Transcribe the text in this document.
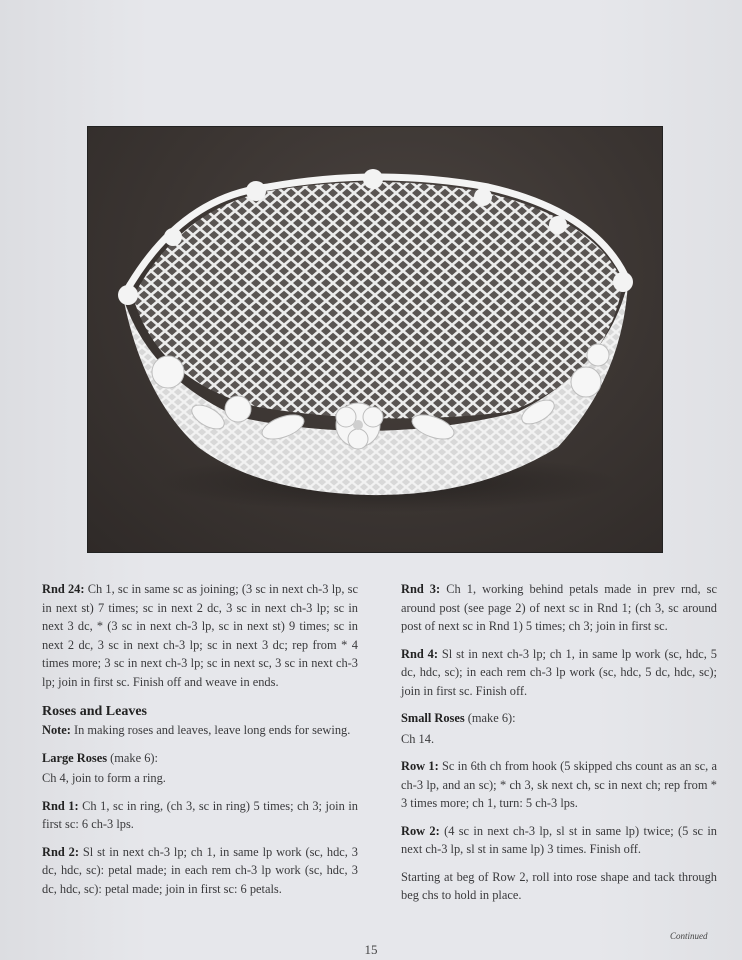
Rnd 24: Ch 1, sc in same sc as joining; (3 sc in next ch-3 lp, sc in next st) 7 times; sc in next 2 dc, 3 sc in next ch-3 lp; sc in next 3 dc, * (3 sc in next ch-3 lp, sc in next st) 9 times; sc in next 2 dc, 3 sc in next ch-3 lp; sc in next 3 dc; rep from * 4 times more; 3 sc in next ch-3 lp; sc in next sc, 3 sc in next ch-3 lp; join in first sc. Finish off and weave in ends.

Roses and Leaves

Note: In making roses and leaves, leave long ends for sewing.

Large Roses (make 6):

Ch 4, join to form a ring.

Rnd 1: Ch 1, sc in ring, (ch 3, sc in ring) 5 times; ch 3; join in first sc: 6 ch-3 lps.

Rnd 2: Sl st in next ch-3 lp; ch 1, in same lp work (sc, hdc, 3 dc, hdc, sc): petal made; in each rem ch-3 lp work (sc, hdc, 3 dc, hdc, sc): petal made; join in first sc: 6 petals.

Rnd 3: Ch 1, working behind petals made in prev rnd, sc around post (see page 2) of next sc in Rnd 1; (ch 3, sc around post of next sc in Rnd 1) 5 times; ch 3; join in first sc.

Rnd 4: Sl st in next ch-3 lp; ch 1, in same lp work (sc, hdc, 5 dc, hdc, sc); in each rem ch-3 lp work (sc, hdc, 5 dc, hdc, sc); join in first sc. Finish off.

Small Roses (make 6):

Ch 14.

Row 1: Sc in 6th ch from hook (5 skipped chs count as an sc, a ch-3 lp, and an sc); * ch 3, sk next ch, sc in next ch; rep from * 3 times more; ch 1, turn: 5 ch-3 lps.

Row 2: (4 sc in next ch-3 lp, sl st in same lp) twice; (5 sc in next ch-3 lp, sl st in same lp) 3 times. Finish off.

Starting at beg of Row 2, roll into rose shape and tack through beg chs to hold in place.

Continued
15
